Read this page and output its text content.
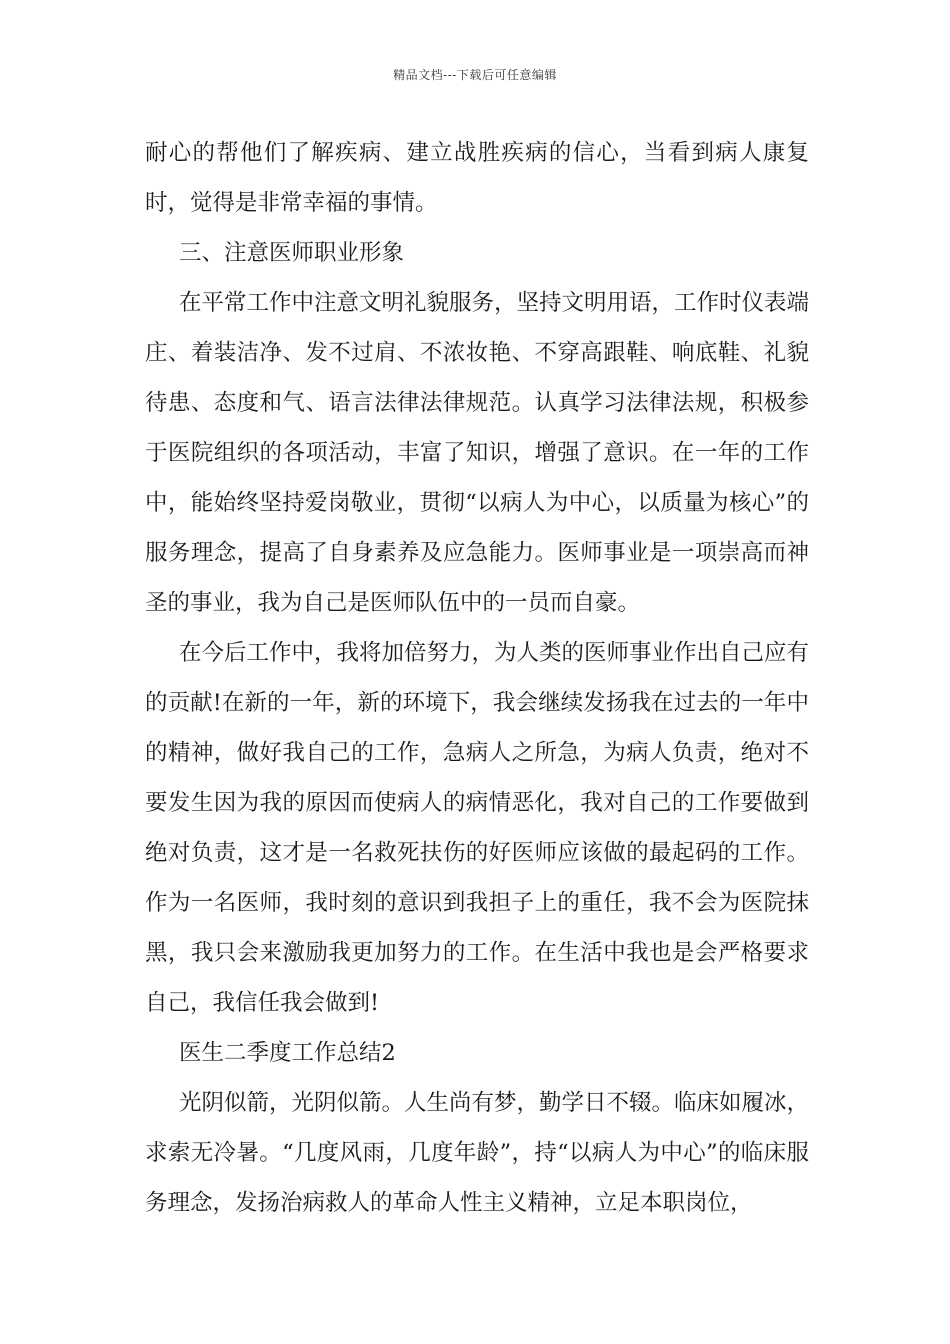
精品文档---下载后可任意编辑

耐心的帮他们了解疾病、建立战胜疾病的信心，当看到病人康复时，觉得是非常幸福的事情。

三、注意医师职业形象

在平常工作中注意文明礼貌服务，坚持文明用语，工作时仪表端庄、着装洁净、发不过肩、不浓妆艳、不穿高跟鞋、响底鞋、礼貌待患、态度和气、语言法律法律规范。认真学习法律法规，积极参于医院组织的各项活动，丰富了知识，增强了意识。在一年的工作中，能始终坚持爱岗敬业，贯彻“以病人为中心，以质量为核心”的服务理念，提高了自身素养及应急能力。医师事业是一项崇高而神圣的事业，我为自己是医师队伍中的一员而自豪。

在今后工作中，我将加倍努力，为人类的医师事业作出自己应有的贡献!在新的一年，新的环境下，我会继续发扬我在过去的一年中的精神，做好我自己的工作，急病人之所急，为病人负责，绝对不要发生因为我的原因而使病人的病情恶化，我对自己的工作要做到绝对负责，这才是一名救死扶伤的好医师应该做的最起码的工作。作为一名医师，我时刻的意识到我担子上的重任，我不会为医院抹黑，我只会来激励我更加努力的工作。在生活中我也是会严格要求自己，我信任我会做到!

医生二季度工作总结2

光阴似箭，光阴似箭。人生尚有梦，勤学日不辍。临床如履冰，求索无冷暑。“几度风雨，几度年龄”，持“以病人为中心”的临床服务理念，发扬治病救人的革命人性主义精神，立足本职岗位，
